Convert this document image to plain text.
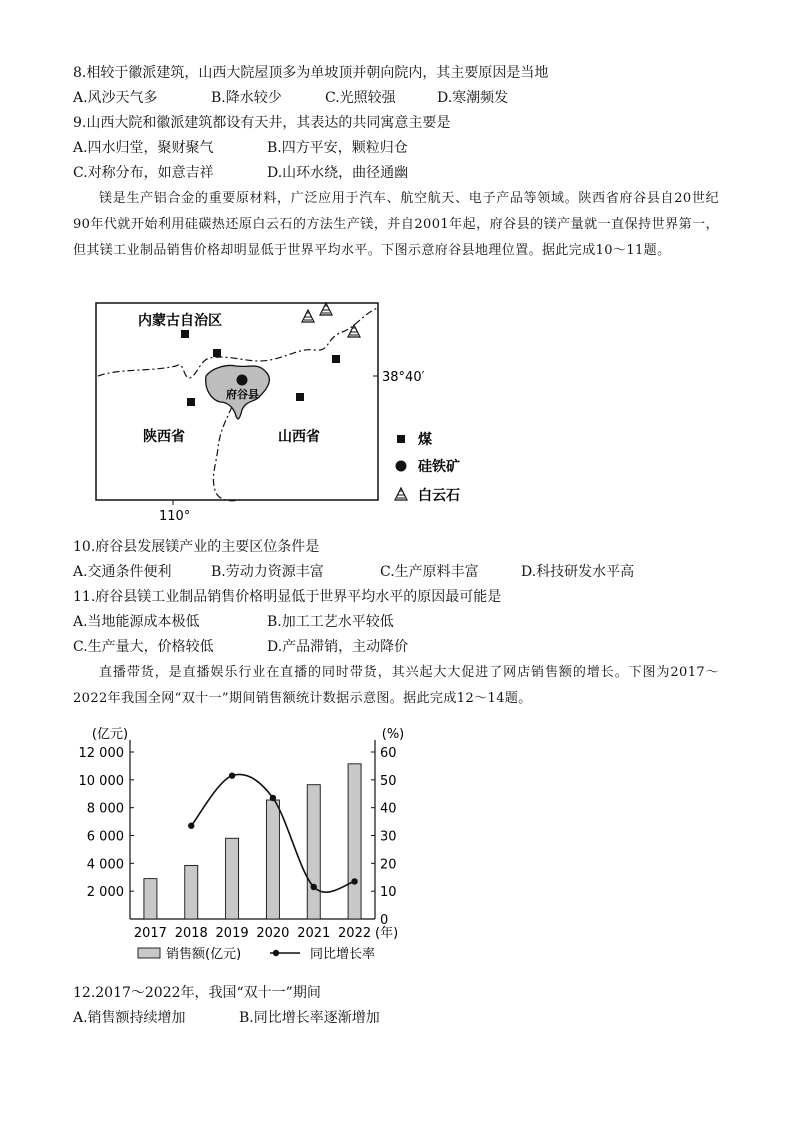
8.相较于徽派建筑，山西大院屋顶多为单坡顶并朝向院内，其主要原因是当地
A.风沙天气多	B.降水较少	C.光照较强	D.寒潮频发
9.山西大院和徽派建筑都设有天井，其表达的共同寓意主要是
A.四水归堂，聚财聚气	B.四方平安，颗粒归仓
C.对称分布，如意吉祥	D.山环水绕，曲径通幽
镁是生产铝合金的重要原材料，广泛应用于汽车、航空航天、电子产品等领域。陕西省府谷县自20世纪90年代就开始利用硅碳热还原白云石的方法生产镁，并自2001年起，府谷县的镁产量就一直保持世界第一，但其镁工业制品销售价格却明显低于世界平均水平。下图示意府谷县地理位置。据此完成10～11题。
内蒙古自治区
陕西省	山西省
府谷县
38°40′
110°
煤
硅铁矿
白云石
10.府谷县发展镁产业的主要区位条件是
A.交通条件便利	B.劳动力资源丰富	C.生产原料丰富	D.科技研发水平高
11.府谷县镁工业制品销售价格明显低于世界平均水平的原因最可能是
A.当地能源成本极低	B.加工工艺水平较低
C.生产量大，价格较低	D.产品滞销，主动降价
直播带货，是直播娱乐行业在直播的同时带货，其兴起大大促进了网店销售额的增长。下图为2017～2022年我国全网“双十一”期间销售额统计数据示意图。据此完成12～14题。
2 000
4 000
6 000
8 000
10 000
12 000
0
10
20
30
40
50
60
(亿元)	(%)
2017 2018 2019 2020 2021 2022 (年)
销售额(亿元)	同比增长率
12.2017～2022年，我国“双十一”期间
A.销售额持续增加	B.同比增长率逐渐增加
